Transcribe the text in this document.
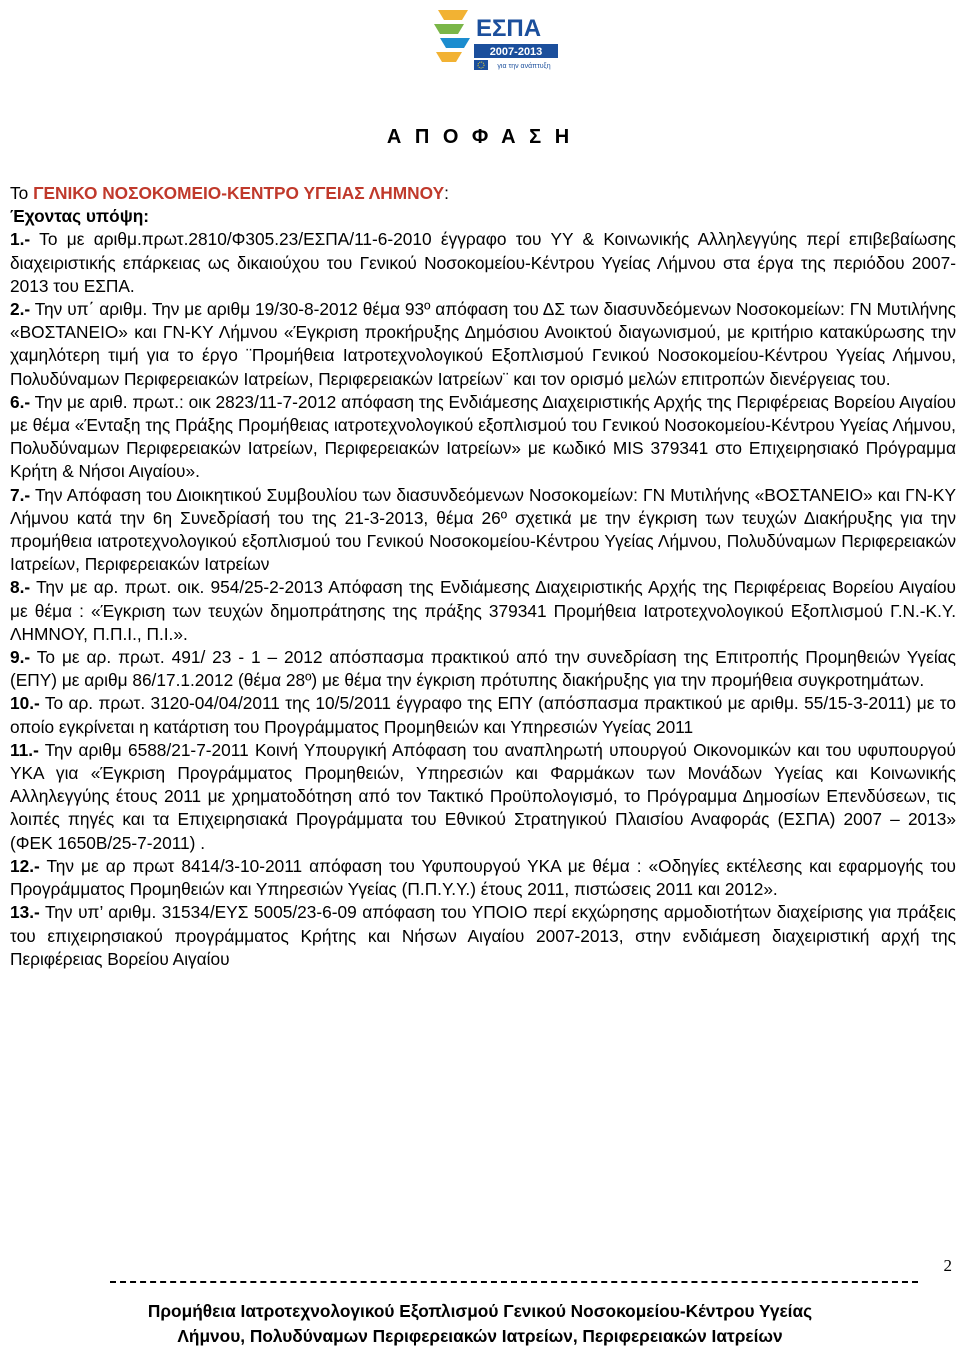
ΕΣΠΑ
2007-2013
για την ανάπτυξη
Α Π Ο Φ Α Σ Η

Το ΓΕΝΙΚΟ ΝΟΣΟΚΟΜΕΙΟ-ΚΕΝΤΡΟ ΥΓΕΙΑΣ ΛΗΜΝΟΥ:

Έχοντας υπόψη:

1.- Το με αριθμ.πρωτ.2810/Φ305.23/ΕΣΠΑ/11-6-2010 έγγραφο του ΥΥ & Κοινωνικής Αλληλεγγύης περί επιβεβαίωσης διαχειριστικής επάρκειας ως δικαιούχου του Γενικού Νοσοκομείου-Κέντρου Υγείας Λήμνου στα έργα της περιόδου 2007-2013 του ΕΣΠΑ.

2.- Την υπ΄ αριθμ. Την με αριθμ 19/30-8-2012 θέμα 93º απόφαση του ΔΣ των διασυνδεόμενων Νοσοκομείων: ΓΝ Μυτιλήνης «ΒΟΣΤΑΝΕΙΟ» και ΓΝ-ΚΥ Λήμνου «Έγκριση προκήρυξης Δημόσιου Ανοικτού διαγωνισμού, με κριτήριο κατακύρωσης την χαμηλότερη τιμή για το έργο ¨Προμήθεια Ιατροτεχνολογικού Εξοπλισμού Γενικού Νοσοκομείου-Κέντρου Υγείας Λήμνου, Πολυδύναμων Περιφερειακών Ιατρείων, Περιφερειακών Ιατρείων¨ και τον ορισμό μελών επιτροπών διενέργειας του.

6.- Την με αριθ. πρωτ.: οικ 2823/11-7-2012 απόφαση της Ενδιάμεσης Διαχειριστικής Αρχής της Περιφέρειας Βορείου Αιγαίου με θέμα «Ένταξη της Πράξης Προμήθειας ιατροτεχνολογικού εξοπλισμού του Γενικού Νοσοκομείου-Κέντρου Υγείας Λήμνου, Πολυδύναμων Περιφερειακών Ιατρείων, Περιφερειακών Ιατρείων» με κωδικό MIS 379341 στο Επιχειρησιακό Πρόγραμμα Κρήτη & Νήσοι Αιγαίου».

7.- Την Απόφαση του Διοικητικού Συμβουλίου των διασυνδεόμενων Νοσοκομείων: ΓΝ Μυτιλήνης «ΒΟΣΤΑΝΕΙΟ» και ΓΝ-ΚΥ Λήμνου κατά την 6η Συνεδρίασή του της 21-3-2013, θέμα 26º σχετικά με την έγκριση των τευχών Διακήρυξης για την προμήθεια ιατροτεχνολογικού εξοπλισμού του Γενικού Νοσοκομείου-Κέντρου Υγείας Λήμνου, Πολυδύναμων Περιφερειακών Ιατρείων, Περιφερειακών Ιατρείων

8.- Την με αρ. πρωτ. οικ. 954/25-2-2013 Απόφαση της Ενδιάμεσης Διαχειριστικής Αρχής της Περιφέρειας Βορείου Αιγαίου με θέμα : «Έγκριση των τευχών δημοπράτησης της πράξης 379341 Προμήθεια Ιατροτεχνολογικού Εξοπλισμού Γ.Ν.-Κ.Υ. ΛΗΜΝΟΥ, Π.Π.Ι., Π.Ι.».

9.- Το με αρ. πρωτ. 491/ 23 - 1 – 2012 απόσπασμα πρακτικού από την συνεδρίαση της Επιτροπής Προμηθειών Υγείας (ΕΠΥ) με αριθμ 86/17.1.2012 (θέμα 28º) με θέμα την έγκριση πρότυπης διακήρυξης για την προμήθεια συγκροτημάτων.

10.- Το αρ. πρωτ. 3120-04/04/2011 της 10/5/2011 έγγραφο της ΕΠΥ (απόσπασμα πρακτικού με αριθμ. 55/15-3-2011) με το οποίο εγκρίνεται η κατάρτιση του Προγράμματος Προμηθειών και Υπηρεσιών Υγείας 2011

11.- Την αριθμ 6588/21-7-2011 Κοινή Υπουργική Απόφαση του αναπληρωτή υπουργού Οικονομικών και του υφυπουργού ΥΚΑ για «Έγκριση Προγράμματος Προμηθειών, Υπηρεσιών και Φαρμάκων των Μονάδων Υγείας και Κοινωνικής Αλληλεγγύης έτους 2011 με χρηματοδότηση από τον Τακτικό Προϋπολογισμό, το Πρόγραμμα Δημοσίων Επενδύσεων, τις λοιπές πηγές και τα Επιχειρησιακά Προγράμματα του Εθνικού Στρατηγικού Πλαισίου Αναφοράς (ΕΣΠΑ) 2007 – 2013» (ΦΕΚ 1650Β/25-7-2011) .

12.- Την με αρ πρωτ 8414/3-10-2011 απόφαση του Υφυπουργού ΥΚΑ με θέμα : «Οδηγίες εκτέλεσης και εφαρμογής του Προγράμματος Προμηθειών και Υπηρεσιών Υγείας (Π.Π.Υ.Υ.) έτους 2011, πιστώσεις 2011 και 2012».

13.- Την υπ’ αριθμ. 31534/ΕΥΣ 5005/23-6-09 απόφαση του ΥΠΟΙΟ περί εκχώρησης αρμοδιοτήτων διαχείρισης για πράξεις του επιχειρησιακού προγράμματος Κρήτης και Νήσων Αιγαίου 2007-2013, στην ενδιάμεση διαχειριστική αρχή της Περιφέρειας Βορείου Αιγαίου

2
Προμήθεια Ιατροτεχνολογικού Εξοπλισμού Γενικού Νοσοκομείου-Κέντρου Υγείας
Λήμνου, Πολυδύναμων Περιφερειακών Ιατρείων, Περιφερειακών Ιατρείων
